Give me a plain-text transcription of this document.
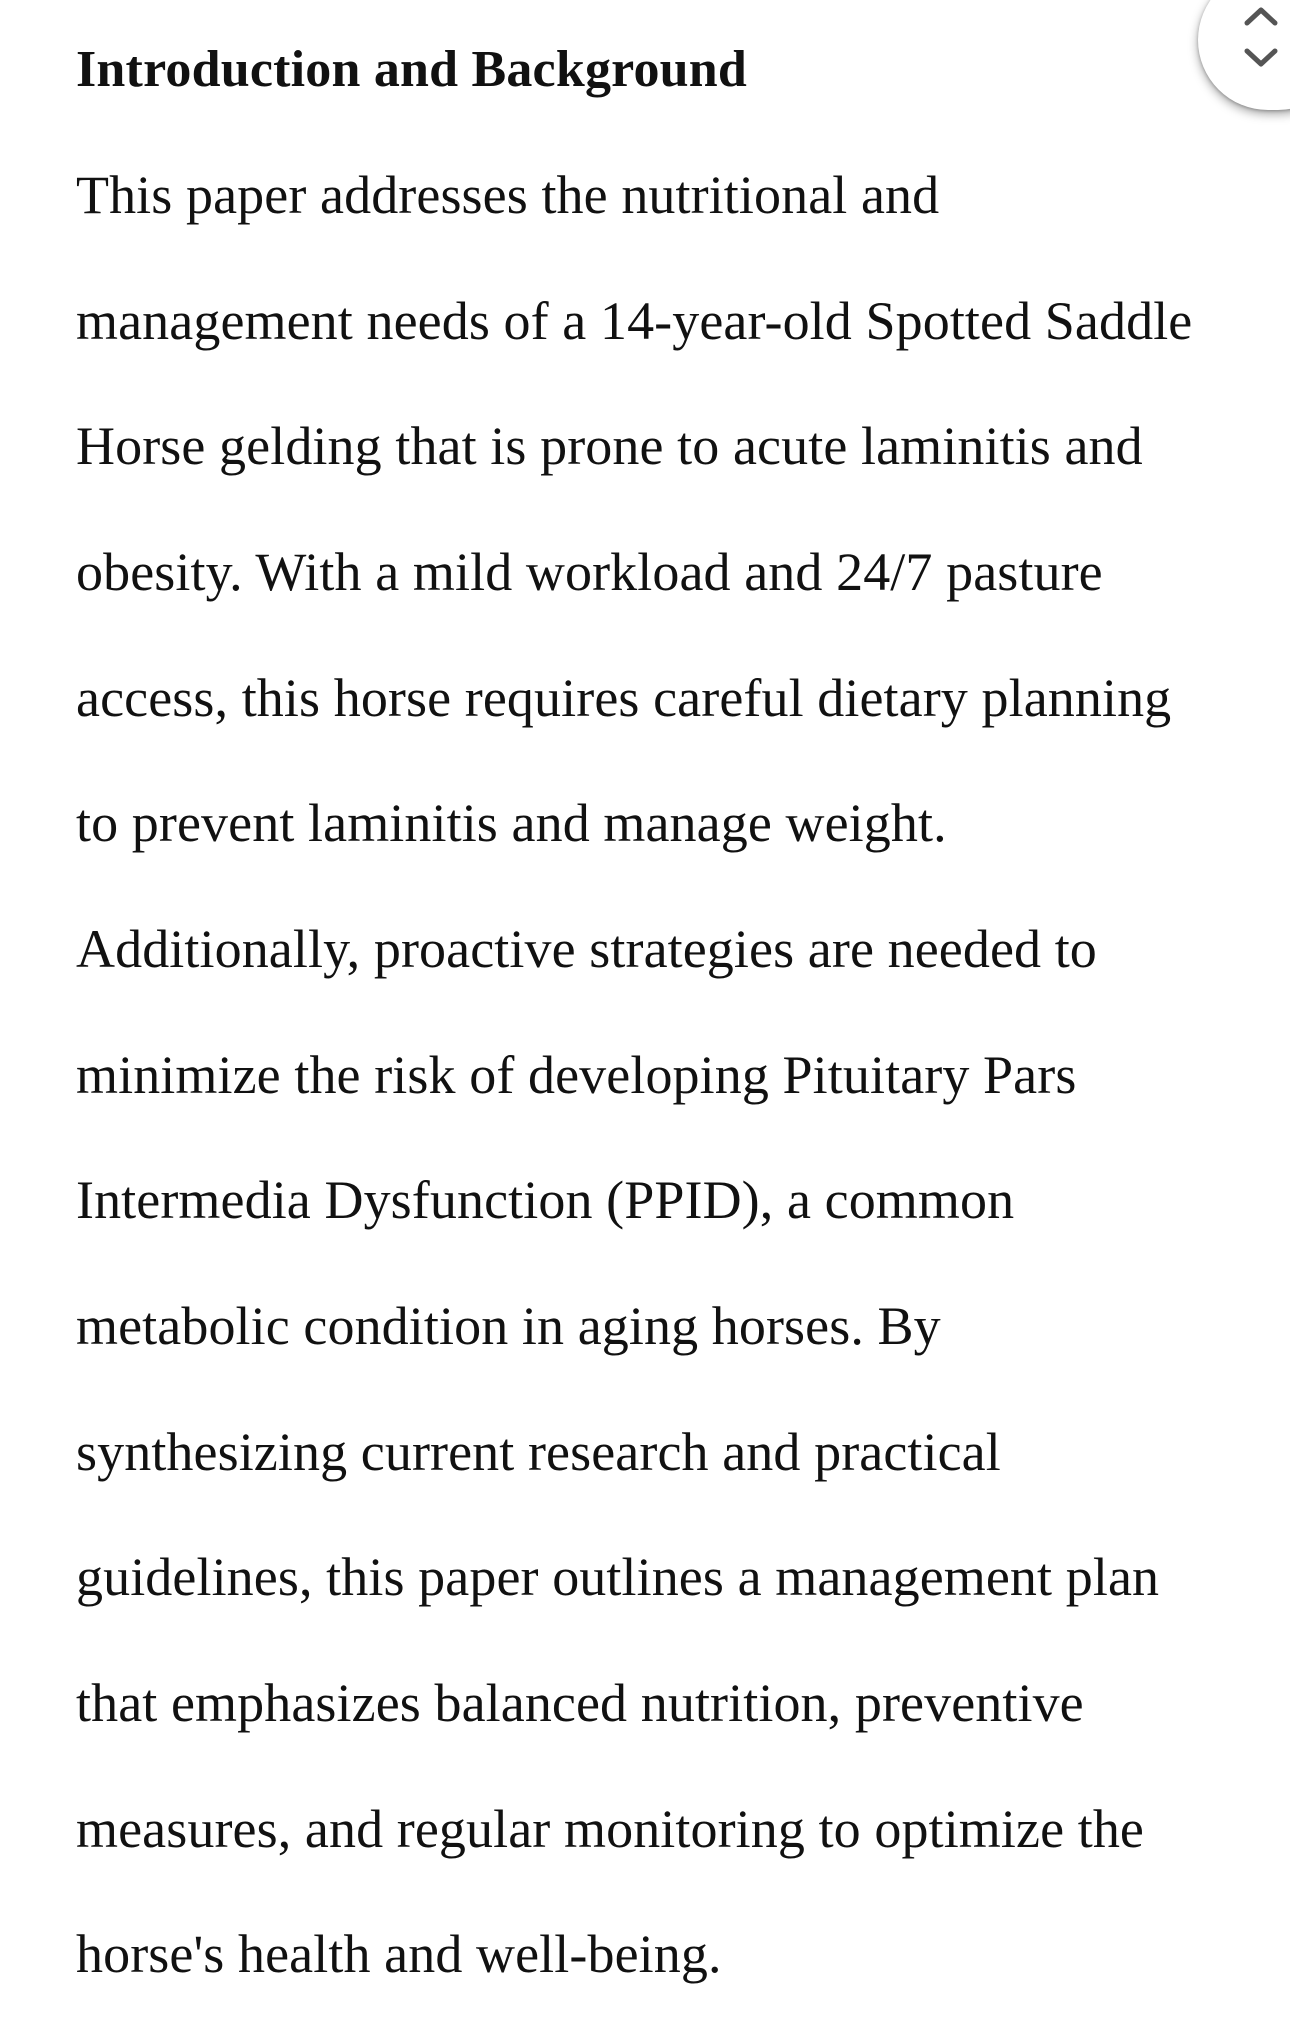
Introduction and Background

This paper addresses the nutritional and

management needs of a 14-year-old Spotted Saddle

Horse gelding that is prone to acute laminitis and

obesity. With a mild workload and 24/7 pasture

access, this horse requires careful dietary planning

to prevent laminitis and manage weight.

Additionally, proactive strategies are needed to

minimize the risk of developing Pituitary Pars

Intermedia Dysfunction (PPID), a common

metabolic condition in aging horses. By

synthesizing current research and practical

guidelines, this paper outlines a management plan

that emphasizes balanced nutrition, preventive

measures, and regular monitoring to optimize the

horse's health and well-being.
